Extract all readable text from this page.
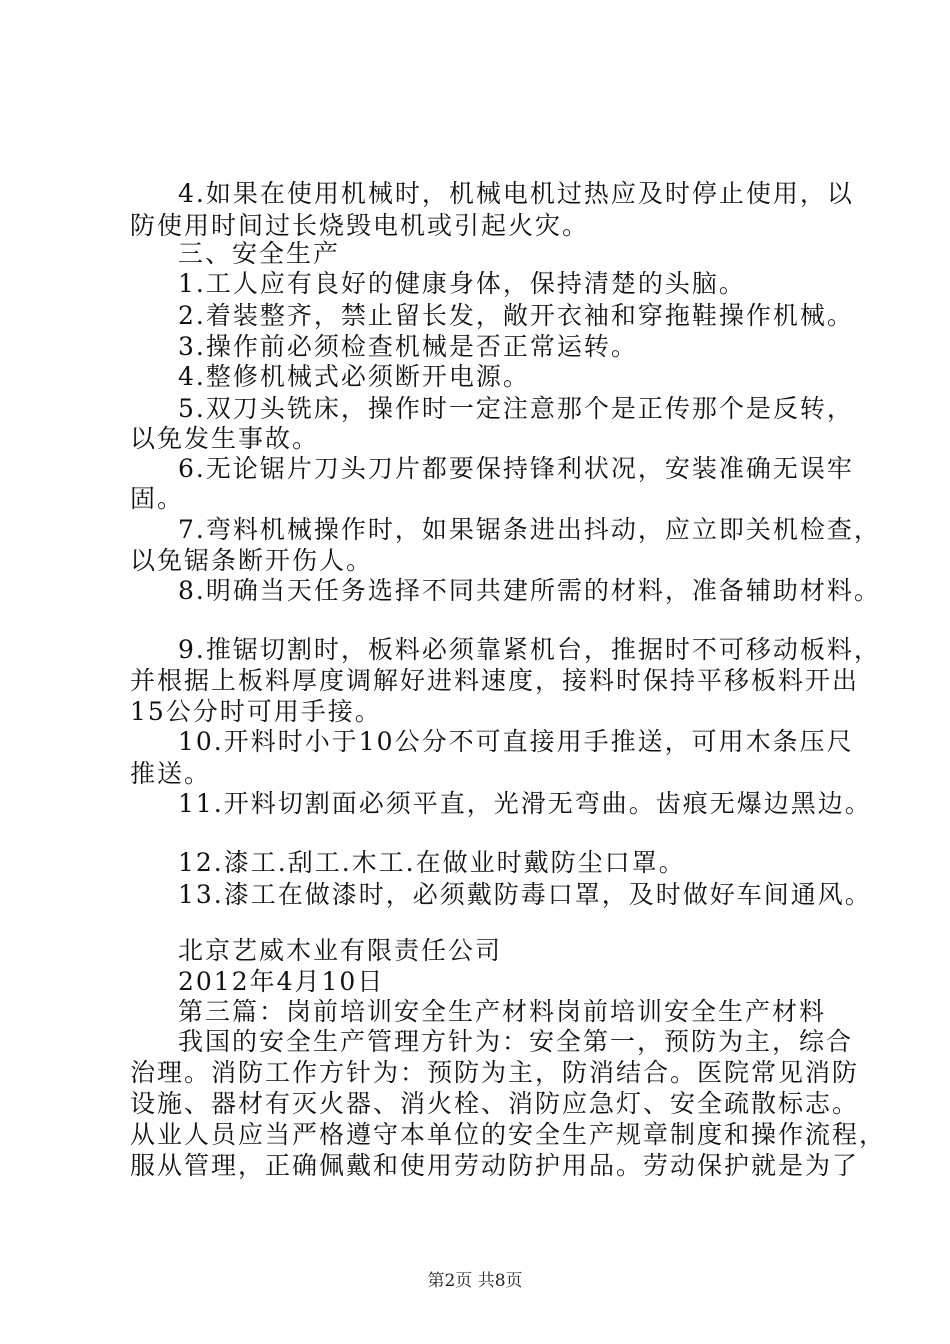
4.如果在使用机械时，机械电机过热应及时停止使用，以
防使用时间过长烧毁电机或引起火灾。
三、安全生产
1.工人应有良好的健康身体，保持清楚的头脑。
2.着装整齐，禁止留长发，敞开衣袖和穿拖鞋操作机械。
3.操作前必须检查机械是否正常运转。
4.整修机械式必须断开电源。
5.双刀头铣床，操作时一定注意那个是正传那个是反转，
以免发生事故。
6.无论锯片刀头刀片都要保持锋利状况，安装准确无误牢
固。
7.弯料机械操作时，如果锯条进出抖动，应立即关机检查，
以免锯条断开伤人。
8.明确当天任务选择不同共建所需的材料，准备辅助材料。
9.推锯切割时，板料必须靠紧机台，推据时不可移动板料，
并根据上板料厚度调解好进料速度，接料时保持平移板料开出
15公分时可用手接。
10.开料时小于10公分不可直接用手推送，可用木条压尺
推送。
11.开料切割面必须平直，光滑无弯曲。齿痕无爆边黑边。
12.漆工.刮工.木工.在做业时戴防尘口罩。
13.漆工在做漆时，必须戴防毒口罩，及时做好车间通风。
北京艺威木业有限责任公司
2012年4月10日
第三篇：岗前培训安全生产材料岗前培训安全生产材料
我国的安全生产管理方针为：安全第一，预防为主，综合
治理。消防工作方针为：预防为主，防消结合。医院常见消防
设施、器材有灭火器、消火栓、消防应急灯、安全疏散标志。
从业人员应当严格遵守本单位的安全生产规章制度和操作流程，
服从管理，正确佩戴和使用劳动防护用品。劳动保护就是为了
第2页 共8页
